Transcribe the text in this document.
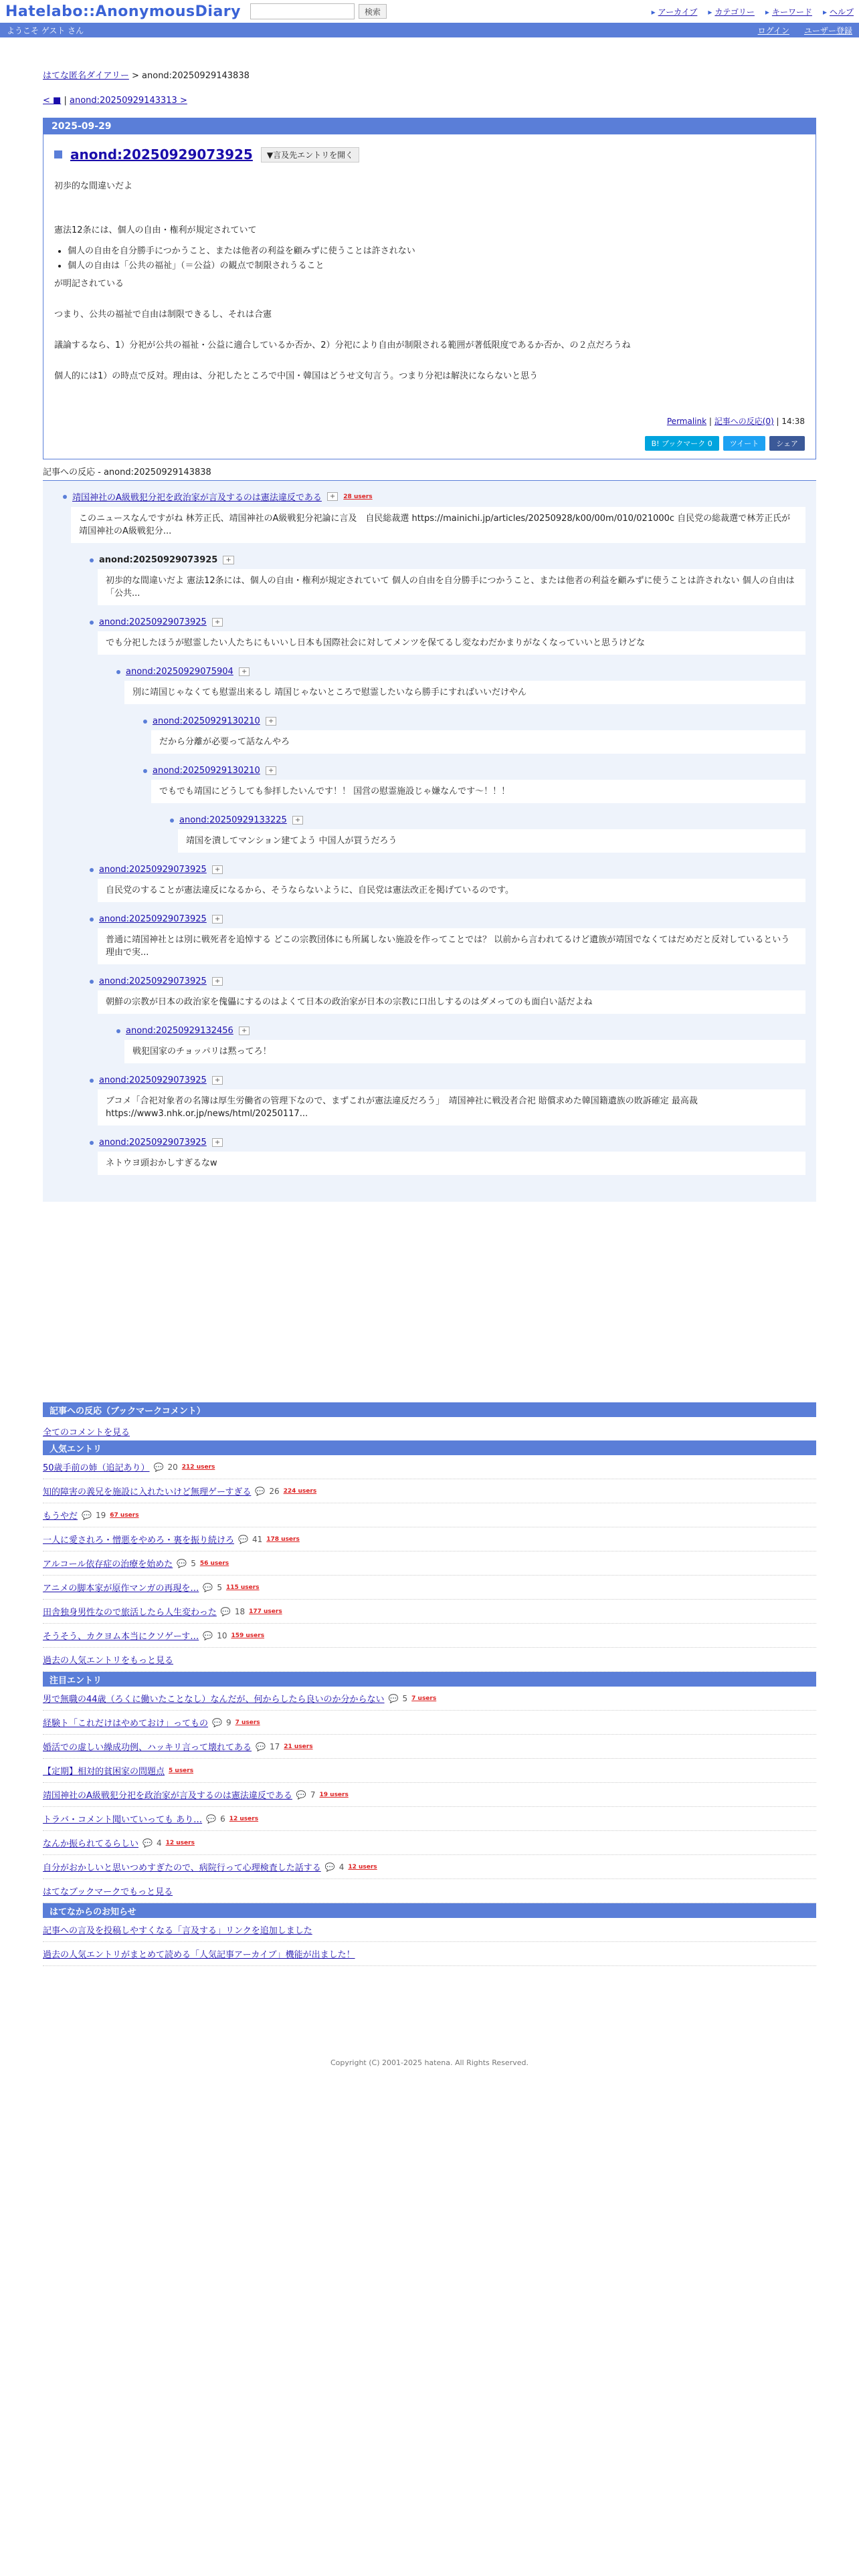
Hatelabo::AnonymousDiary	検索	▸ アーカイブ ▸ カテゴリー ▸ キーワード ▸ ヘルプ
ようこそ ゲスト さん	ログイン ユーザー登録
はてな匿名ダイアリー > anond:20250929143838
< ■ | anond:20250929143313 >
2025-09-29
anond:20250929073925	▼言及先エントリを開く

初歩的な間違いだよ

憲法12条には、個人の自由・権利が規定されていて

• 個人の自由を自分勝手につかうこと、または他者の利益を顧みずに使うことは許されない
• 個人の自由は「公共の福祉」（＝公益）の観点で制限されうること

が明記されている

つまり、公共の福祉で自由は制限できるし、それは合憲

議論するなら、1）分祀が公共の福祉・公益に適合しているか否か、2）分祀により自由が制限される範囲が著低限度であるか否か、の２点だろうね

個人的には1）の時点で反対。理由は、分祀したところで中国・韓国はどうせ文句言う。つまり分祀は解決にならないと思う

Permalink | 記事への反応(0) | 14:38
B! ブックマーク 0	ツイート	シェア
記事への反応 - anond:20250929143838
靖国神社のA級戦犯分祀を政治家が言及するのは憲法違反である	+	28 users
このニュースなんですがね 林芳正氏、靖国神社のA級戦犯分祀論に言及　自民総裁選 https://mainichi.jp/articles/20250928/k00/00m/010/021000c 自民党の総裁選で林芳正氏が靖国神社のA級戦犯分...
anond:20250929073925	+
初歩的な間違いだよ 憲法12条には、個人の自由・権利が規定されていて 個人の自由を自分勝手につかうこと、または他者の利益を顧みずに使うことは許されない 個人の自由は「公共...
anond:20250929073925	+
でも分祀したほうが慰霊したい人たちにもいいし日本も国際社会に対してメンツを保てるし変なわだかまりがなくなっていいと思うけどな
anond:20250929075904	+
別に靖国じゃなくても慰霊出来るし 靖国じゃないところで慰霊したいなら勝手にすればいいだけやん
anond:20250929130210	+
だから分離が必要って話なんやろ
anond:20250929130210	+
でもでも靖国にどうしても参拝したいんです！！ 国営の慰霊施設じゃ嫌なんです〜！！！
anond:20250929133225	+
靖国を潰してマンション建てよう 中国人が買うだろう
anond:20250929073925	+
自民党のすることが憲法違反になるから、そうならないように、自民党は憲法改正を掲げているのです。
anond:20250929073925	+
普通に靖国神社とは別に戦死者を追悼する どこの宗教団体にも所属しない施設を作ってことでは？ 以前から言われてるけど遺族が靖国でなくてはだめだと反対しているという理由で実...
anond:20250929073925	+
朝鮮の宗教が日本の政治家を傀儡にするのはよくて日本の政治家が日本の宗教に口出しするのはダメってのも面白い話だよね
anond:20250929132456	+
戦犯国家のチョッパリは黙ってろ！
anond:20250929073925	+
ブコメ「合祀対象者の名簿は厚生労働省の管理下なので、まずこれが憲法違反だろう」　靖国神社に戦没者合祀 賠償求めた韓国籍遺族の敗訴確定 最高裁 https://www3.nhk.or.jp/news/html/20250117...
anond:20250929073925	+
ネトウヨ頭おかしすぎるなw
記事への反応（ブックマークコメント）
全てのコメントを見る
人気エントリ
50歳手前の姉（追記あり） 💬 20 212 users
知的障害の義兄を施設に入れたいけど無理ゲーすぎる 💬 26 224 users
もうやだ 💬 19 67 users
一人に愛されろ・憎悪をやめろ・裏を振り続けろ 💬 41 178 users
アルコール依存症の治療を始めた 💬 5 56 users
アニメの脚本家が原作マンガの再現を… 💬 5 115 users
田舎独身男性なので旅活したら人生変わった 💬 18 177 users
そうそう、カクヨム本当にクソゲーす… 💬 10 159 users
過去の人気エントリをもっと見る
注目エントリ
男で無職の44歳（ろくに働いたことなし）なんだが、何からしたら良いのか分からない 💬 5 7 users
経験ト「これだけはやめておけ」ってもの 💬 9 7 users
婚活での虚しい繰成功例、ハッキリ言って壊れてある 💬 17 21 users
【定期】相対的貧困家の問題点 5 users
靖国神社のA級戦犯分祀を政治家が言及するのは憲法違反である 💬 7 19 users
トラバ・コメント聞いていっても あり… 💬 6 12 users
なんか振られてるらしい 💬 4 12 users
自分がおかしいと思いつめすぎたので、病院行って心理検査した話する 💬 4 12 users
はてなブックマークでもっと見る
はてなからのお知らせ
記事への言及を投稿しやすくなる「言及する」リンクを追加しました
過去の人気エントリがまとめて読める「人気記事アーカイブ」機能が出ました！
Copyright (C) 2001-2025 hatena. All Rights Reserved.
